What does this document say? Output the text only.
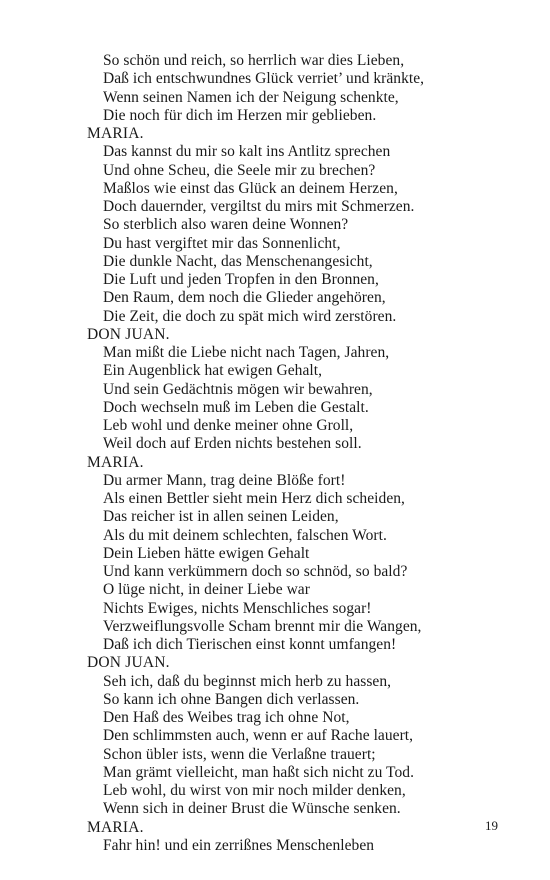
So schön und reich, so herrlich war dies Lieben,
Daß ich entschwundnes Glück verriet’ und kränkte,
Wenn seinen Namen ich der Neigung schenkte,
Die noch für dich im Herzen mir geblieben.
MARIA.
Das kannst du mir so kalt ins Antlitz sprechen
Und ohne Scheu, die Seele mir zu brechen?
Maßlos wie einst das Glück an deinem Herzen,
Doch dauernder, vergiltst du mirs mit Schmerzen.
So sterblich also waren deine Wonnen?
Du hast vergiftet mir das Sonnenlicht,
Die dunkle Nacht, das Menschenangesicht,
Die Luft und jeden Tropfen in den Bronnen,
Den Raum, dem noch die Glieder angehören,
Die Zeit, die doch zu spät mich wird zerstören.
DON JUAN.
Man mißt die Liebe nicht nach Tagen, Jahren,
Ein Augenblick hat ewigen Gehalt,
Und sein Gedächtnis mögen wir bewahren,
Doch wechseln muß im Leben die Gestalt.
Leb wohl und denke meiner ohne Groll,
Weil doch auf Erden nichts bestehen soll.
MARIA.
Du armer Mann, trag deine Blöße fort!
Als einen Bettler sieht mein Herz dich scheiden,
Das reicher ist in allen seinen Leiden,
Als du mit deinem schlechten, falschen Wort.
Dein Lieben hätte ewigen Gehalt
Und kann verkümmern doch so schnöd, so bald?
O lüge nicht, in deiner Liebe war
Nichts Ewiges, nichts Menschliches sogar!
Verzweiflungsvolle Scham brennt mir die Wangen,
Daß ich dich Tierischen einst konnt umfangen!
DON JUAN.
Seh ich, daß du beginnst mich herb zu hassen,
So kann ich ohne Bangen dich verlassen.
Den Haß des Weibes trag ich ohne Not,
Den schlimmsten auch, wenn er auf Rache lauert,
Schon übler ists, wenn die Verlaßne trauert;
Man grämt vielleicht, man haßt sich nicht zu Tod.
Leb wohl, du wirst von mir noch milder denken,
Wenn sich in deiner Brust die Wünsche senken.
MARIA.
Fahr hin! und ein zerrißnes Menschenleben
19
